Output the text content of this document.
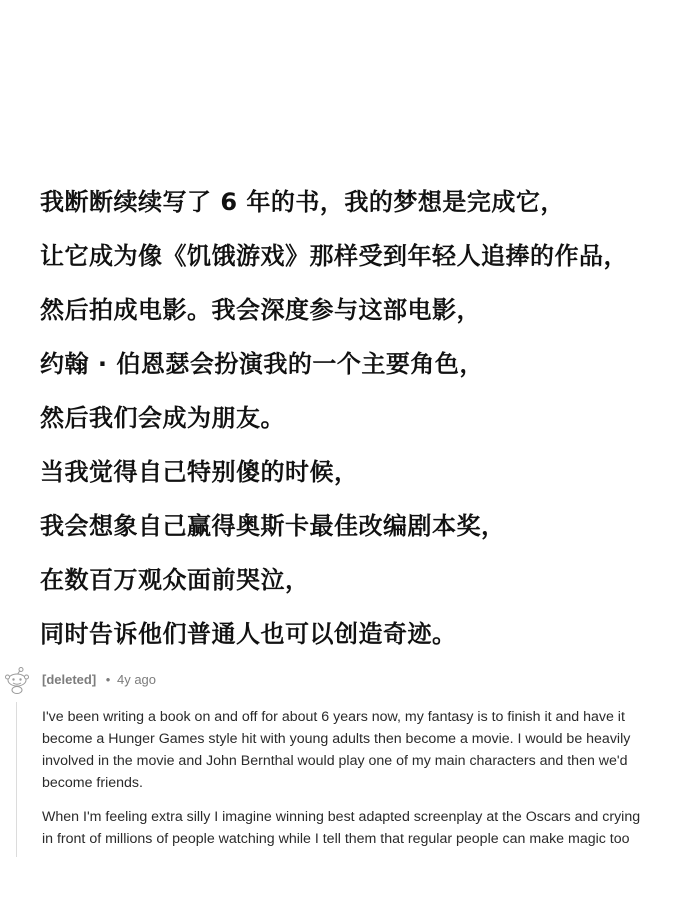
我断断续续写了 6 年的书，我的梦想是完成它，
让它成为像《饥饿游戏》那样受到年轻人追捧的作品，
然后拍成电影。我会深度参与这部电影，
约翰 · 伯恩瑟会扮演我的一个主要角色，
然后我们会成为朋友。
当我觉得自己特别傻的时候，
我会想象自己赢得奥斯卡最佳改编剧本奖，
在数百万观众面前哭泣，
同时告诉他们普通人也可以创造奇迹。
[deleted] • 4y ago

I've been writing a book on and off for about 6 years now, my fantasy is to finish it and have it
become a Hunger Games style hit with young adults then become a movie. I would be heavily
involved in the movie and John Bernthal would play one of my main characters and then we'd
become friends.

When I'm feeling extra silly I imagine winning best adapted screenplay at the Oscars and crying
in front of millions of people watching while I tell them that regular people can make magic too
